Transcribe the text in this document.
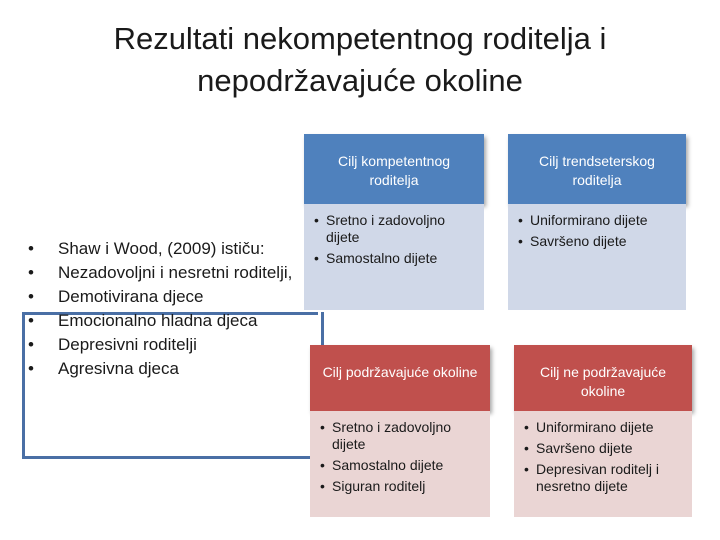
Rezultati nekompetentnog roditelja i
nepodržavajuće okoline
• Shaw i Wood, (2009) ističu:
• Nezadovoljni i nesretni roditelji,
• Demotivirana djece
• Emocionalno hladna djeca
• Depresivni roditelji
• Agresivna djeca
Cilj kompetentnog roditelja
• Sretno i zadovoljno dijete
• Samostalno dijete
Cilj trendseterskog roditelja
• Uniformirano dijete
• Savršeno dijete
Cilj podržavajuće okoline
• Sretno i zadovoljno dijete
• Samostalno dijete
• Siguran roditelj
Cilj ne podržavajuće okoline
• Uniformirano dijete
• Savršeno dijete
• Depresivan roditelj i nesretno dijete
